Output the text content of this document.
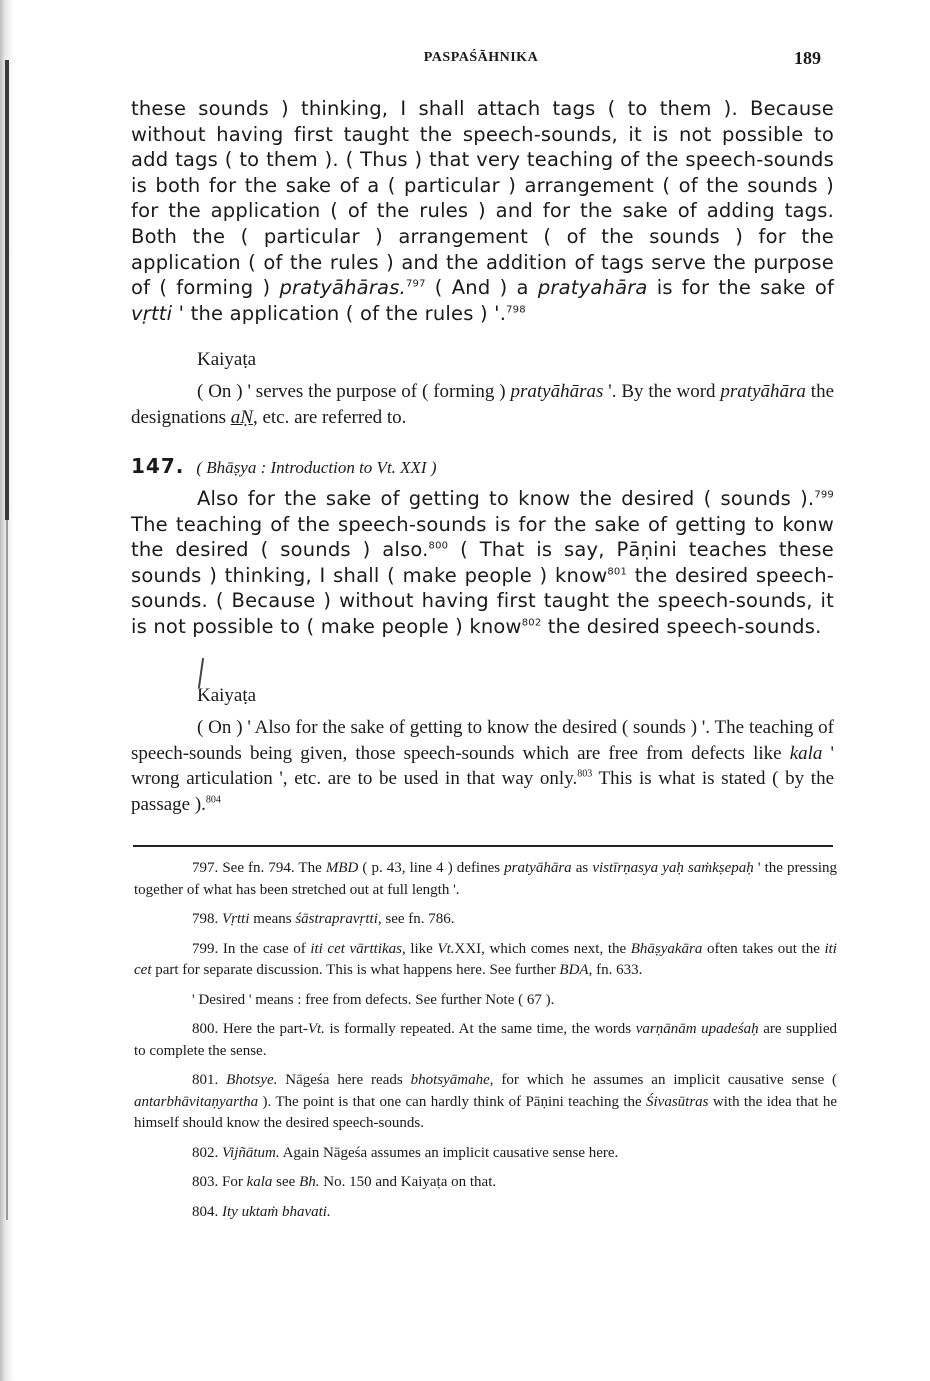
PASPAŚĀHNIKA	189

these sounds ) thinking, I shall attach tags ( to them ). Because without having first taught the speech-sounds, it is not possible to add tags ( to them ). ( Thus ) that very teaching of the speech-sounds is both for the sake of a ( particular ) arrangement ( of the sounds ) for the application ( of the rules ) and for the sake of adding tags. Both the ( particular ) arrangement ( of the sounds ) for the application ( of the rules ) and the addition of tags serve the purpose of ( forming ) pratyāhāras.$^{797}$ ( And ) a pratyahāra is for the sake of vṛtti ' the application ( of the rules ) '.$^{798}$

Kaiyaṭa

( On ) ' serves the purpose of ( forming ) pratyāhāras '. By the word pratyāhāra the designations aṆ, etc. are referred to.

147. ( Bhāṣya : Introduction to Vt. XXI )

Also for the sake of getting to know the desired ( sounds ).$^{799}$ The teaching of the speech-sounds is for the sake of getting to konw the desired ( sounds ) also.$^{800}$ ( That is say, Pāṇini teaches these sounds ) thinking, I shall ( make people ) know$^{801}$ the desired speech-sounds. ( Because ) without having first taught the speech-sounds, it is not possible to ( make people ) know$^{802}$ the desired speech-sounds.

Kaiyaṭa

( On ) ' Also for the sake of getting to know the desired ( sounds ) '. The teaching of speech-sounds being given, those speech-sounds which are free from defects like kala ' wrong articulation ', etc. are to be used in that way only.$^{803}$ This is what is stated ( by the passage ).$^{804}$

797. See fn. 794. The MBD ( p. 43, line 4 ) defines pratyāhāra as vistīrṇasya yaḥ saṁkṣepaḥ ' the pressing together of what has been stretched out at full length '.

798. Vṛtti means śāstrapravṛtti, see fn. 786.

799. In the case of iti cet vārttikas, like Vt.XXI, which comes next, the Bhāṣyakāra often takes out the iti cet part for separate discussion. This is what happens here. See further BDA, fn. 633.

' Desired ' means : free from defects. See further Note ( 67 ).

800. Here the part-Vt. is formally repeated. At the same time, the words varṇānām upadeśaḥ are supplied to complete the sense.

801. Bhotsye. Nāgeśa here reads bhotsyāmahe, for which he assumes an implicit causative sense ( antarbhāvitaṇyartha ). The point is that one can hardly think of Pāṇini teaching the Śivasūtras with the idea that he himself should know the desired speech-sounds.

802. Vijñātum. Again Nāgeśa assumes an implicit causative sense here.

803. For kala see Bh. No. 150 and Kaiyaṭa on that.

804. Ity uktaṁ bhavati.
